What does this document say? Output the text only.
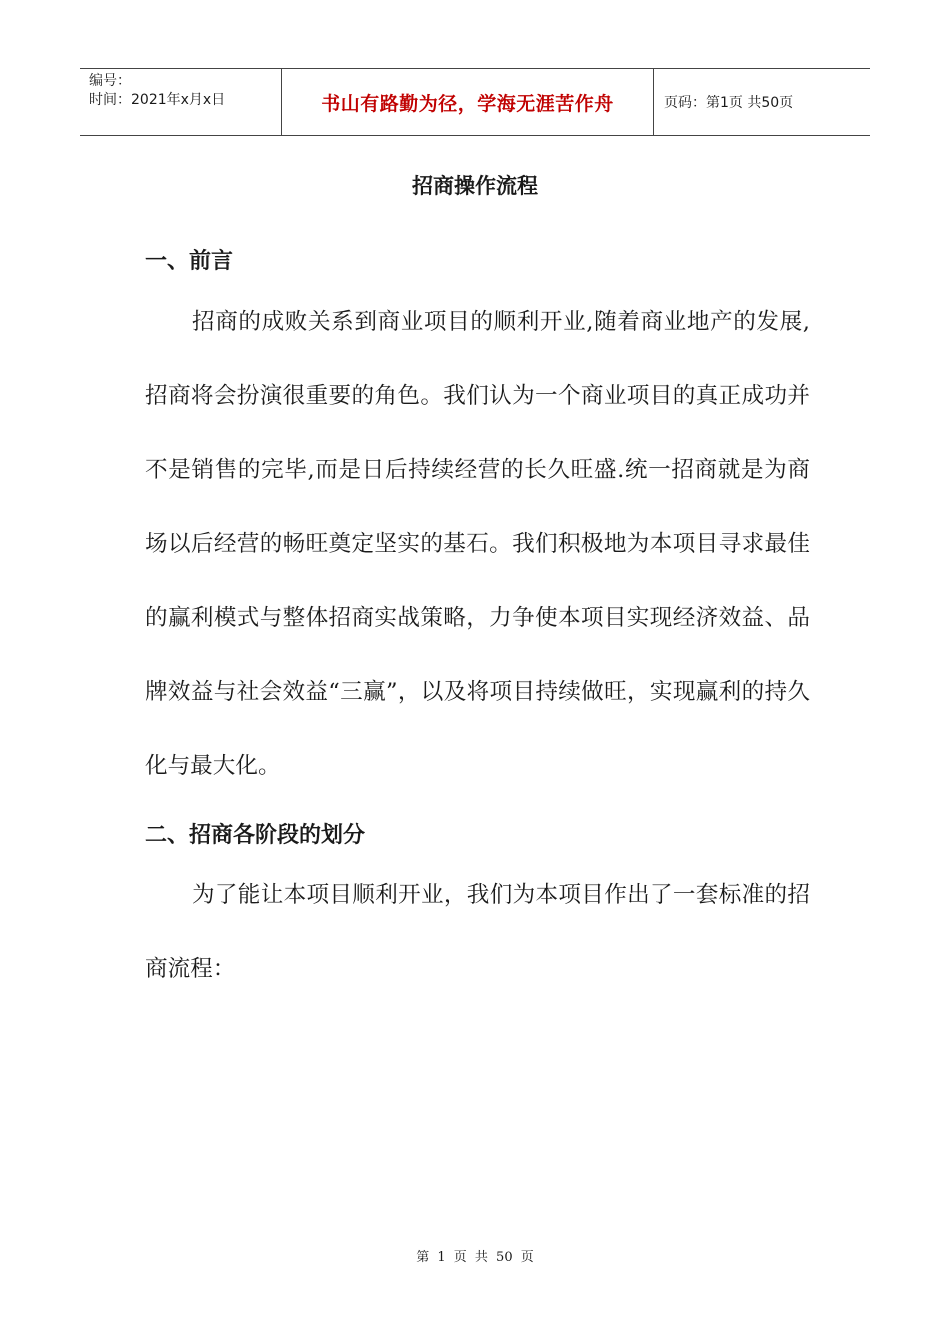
编号：
时间：2021年x月x日	书山有路勤为径，学海无涯苦作舟	页码：第1页 共50页
招商操作流程
一、前言

招商的成败关系到商业项目的顺利开业,随着商业地产的发展,招商将会扮演很重要的角色。我们认为一个商业项目的真正成功并不是销售的完毕,而是日后持续经营的长久旺盛.统一招商就是为商场以后经营的畅旺奠定坚实的基石。我们积极地为本项目寻求最佳的赢利模式与整体招商实战策略，力争使本项目实现经济效益、品牌效益与社会效益“三赢”，以及将项目持续做旺，实现赢利的持久化与最大化。

二、招商各阶段的划分

为了能让本项目顺利开业，我们为本项目作出了一套标准的招商流程：

第 1 页 共 50 页
